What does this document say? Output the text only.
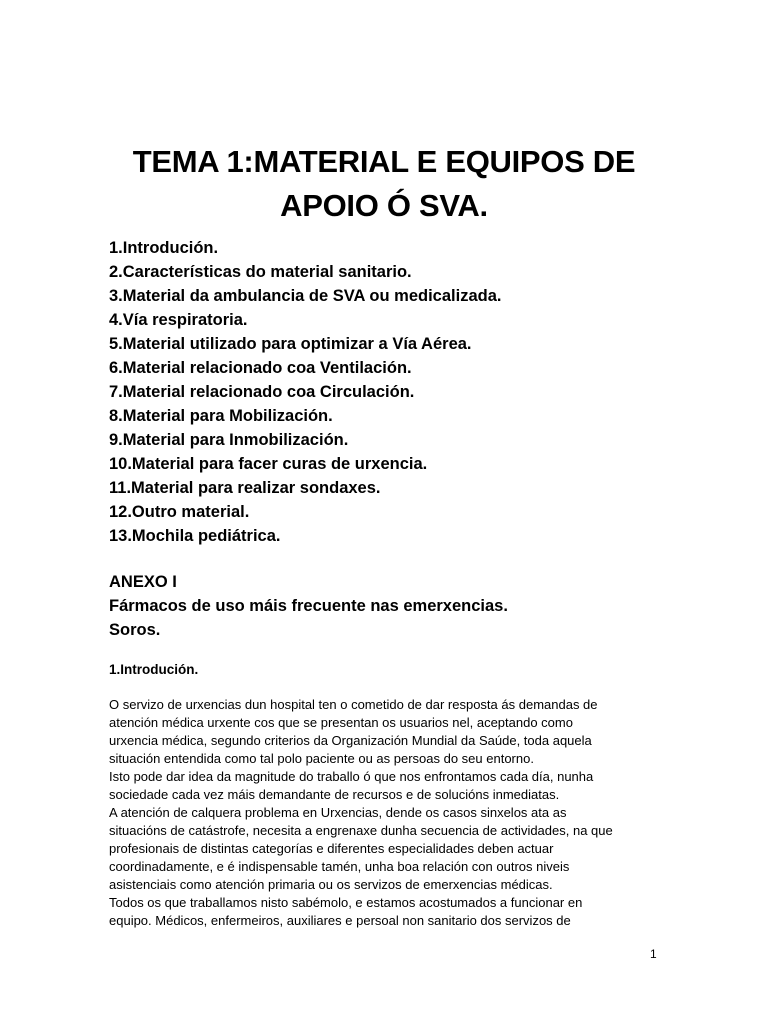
TEMA 1:MATERIAL E EQUIPOS DE
APOIO Ó SVA.
1.Introdución.
2.Características do material sanitario.
3.Material da ambulancia de SVA ou medicalizada.
4.Vía respiratoria.
5.Material utilizado para optimizar a Vía Aérea.
6.Material relacionado coa Ventilación.
7.Material relacionado coa Circulación.
8.Material para Mobilización.
9.Material para Inmobilización.
10.Material para facer curas de urxencia.
11.Material para realizar sondaxes.
12.Outro material.
13.Mochila pediátrica.
ANEXO I
Fármacos de uso máis frecuente nas emerxencias.
Soros.
1.Introdución.
O servizo de urxencias dun hospital ten o cometido de dar resposta ás demandas de
atención médica urxente cos que se presentan os usuarios nel, aceptando como
urxencia médica, segundo criterios da Organización Mundial da Saúde, toda aquela
situación entendida como tal polo paciente ou as persoas do seu entorno.
Isto pode dar idea da magnitude do traballo ó que nos enfrontamos cada día, nunha
sociedade cada vez máis demandante de recursos e de solucións inmediatas.
A atención de calquera problema en Urxencias, dende os casos sinxelos ata as
situacións de catástrofe, necesita a engrenaxe dunha secuencia de actividades, na que
profesionais de distintas categorías e diferentes especialidades deben actuar
coordinadamente, e é indispensable tamén, unha boa relación con outros niveis
asistenciais como atención primaria ou os servizos de emerxencias médicas.
Todos os que traballamos nisto sabémolo, e estamos acostumados a funcionar en
equipo. Médicos, enfermeiros, auxiliares e persoal non sanitario dos servizos de
1
